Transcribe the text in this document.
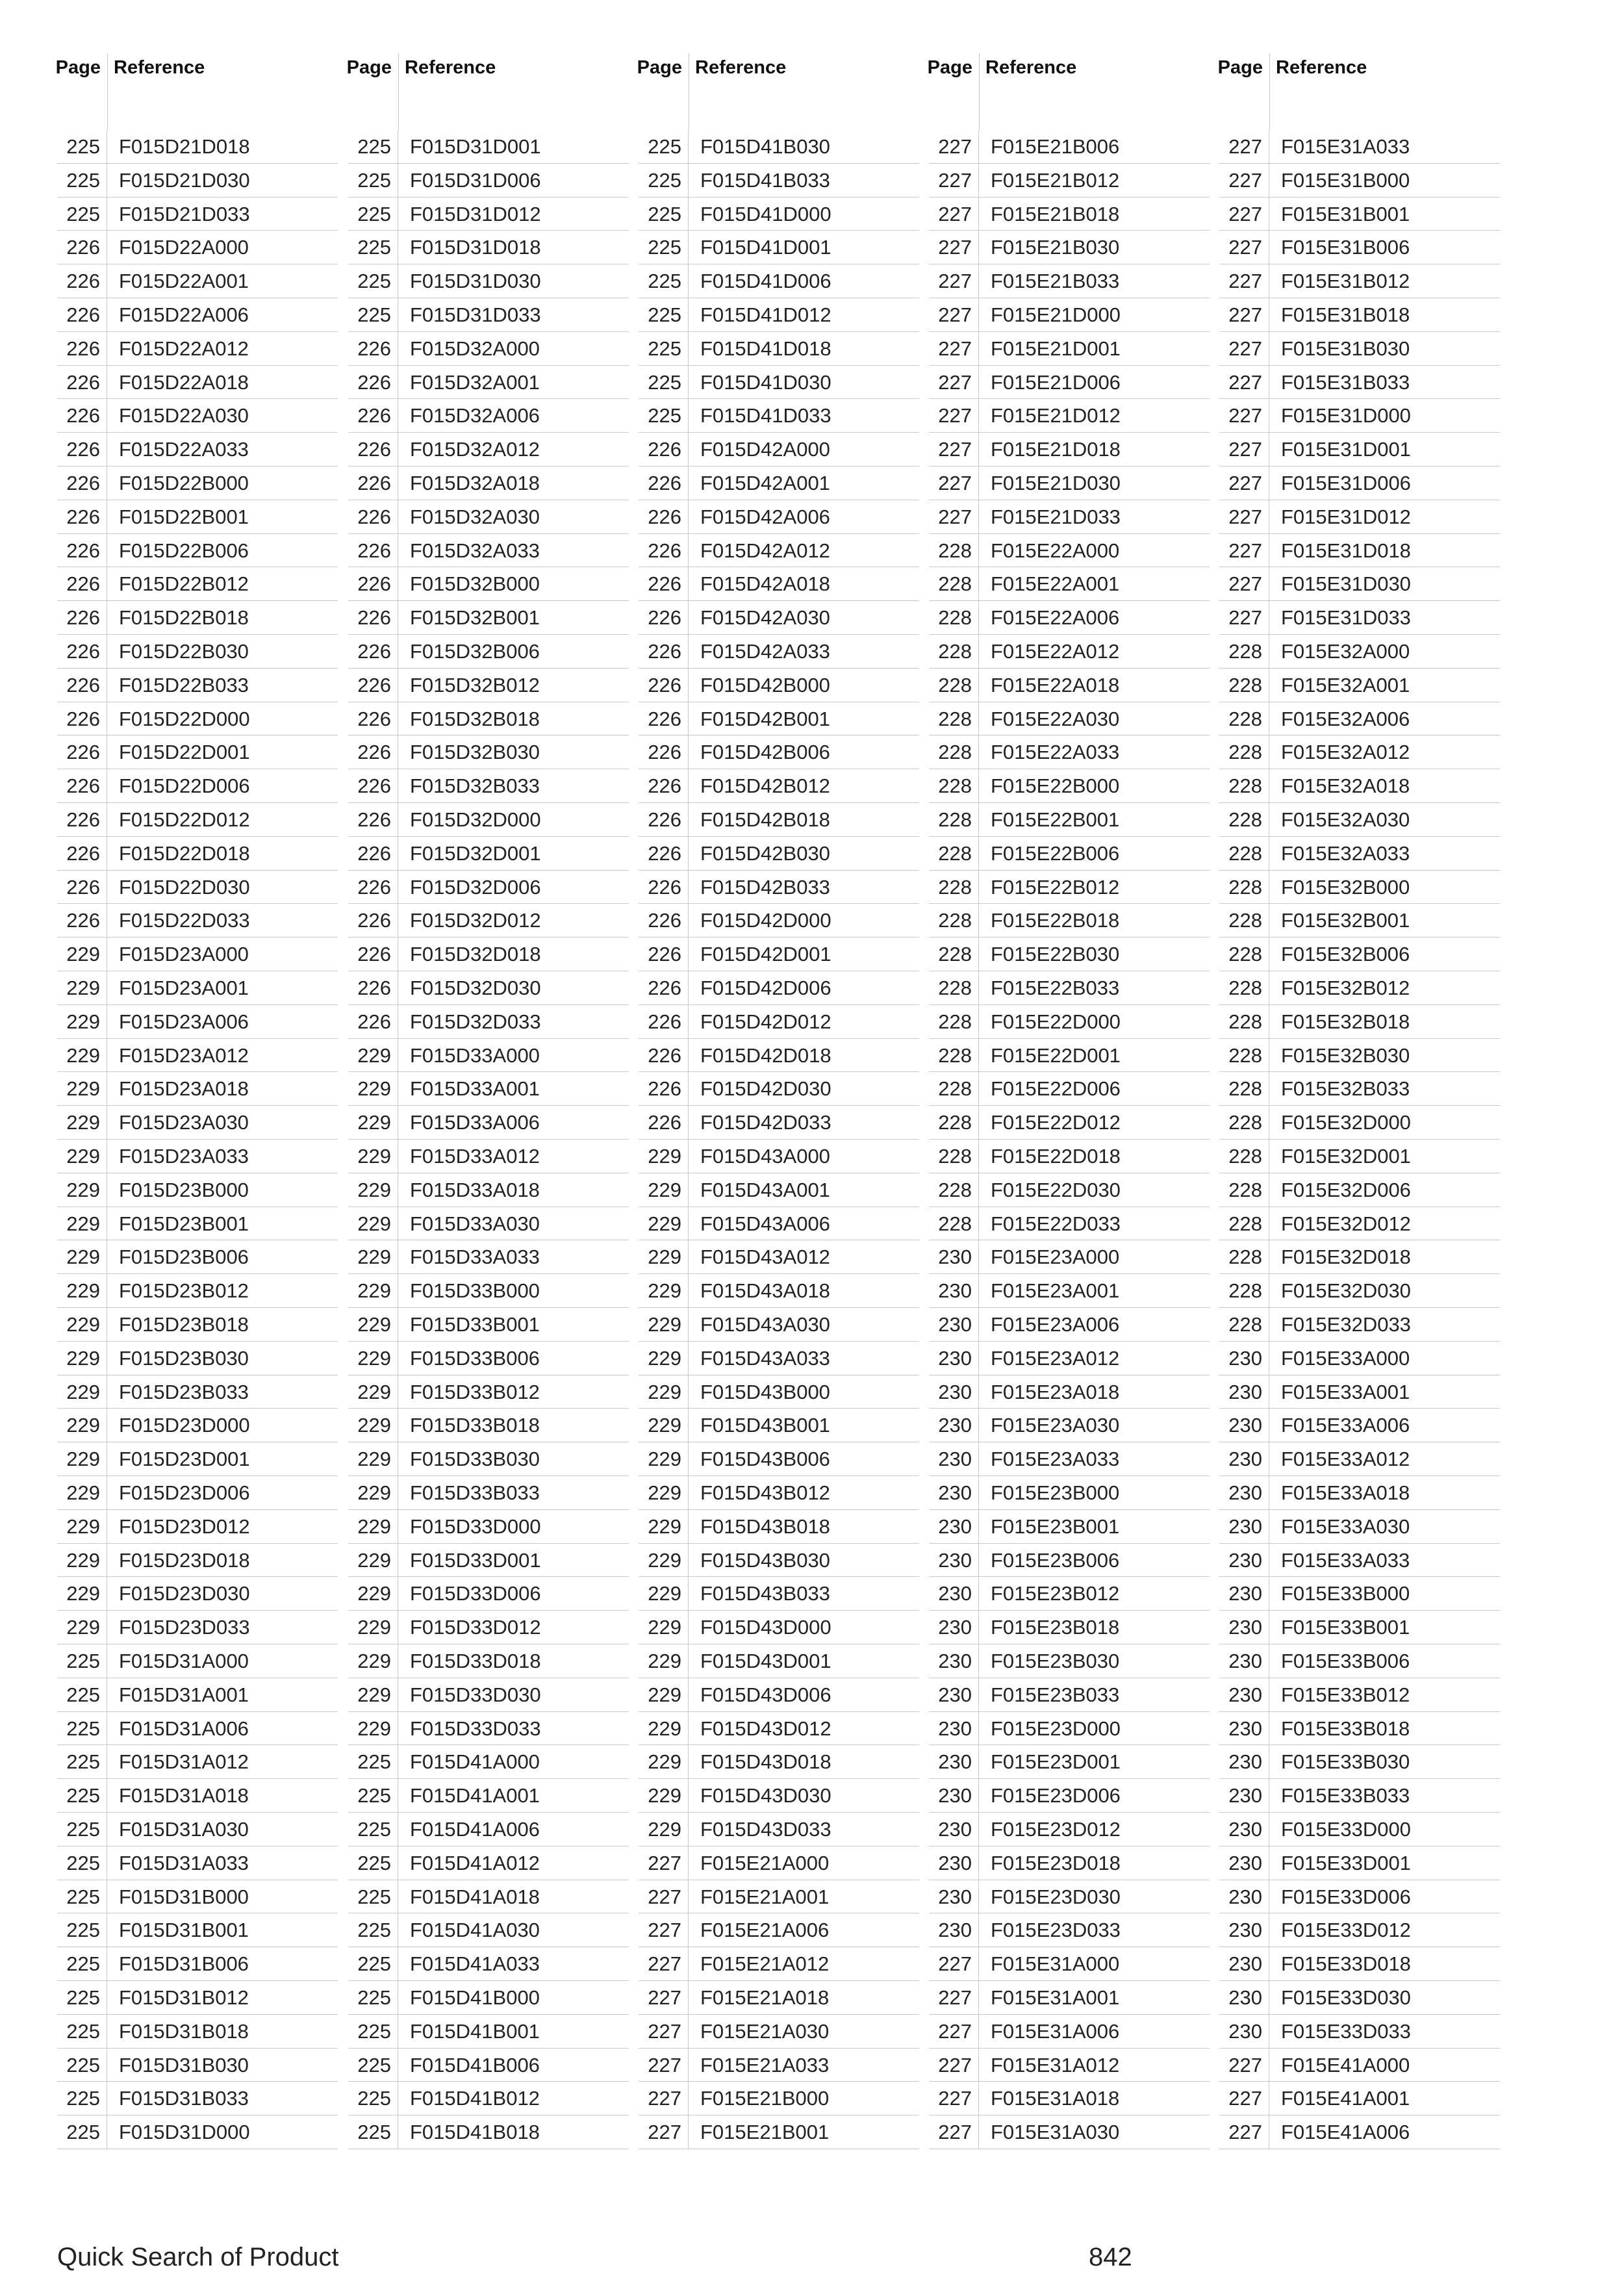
Page Reference
225 F015D21D018
225 F015D21D030
225 F015D21D033
226 F015D22A000
226 F015D22A001
226 F015D22A006
226 F015D22A012
226 F015D22A018
226 F015D22A030
226 F015D22A033
226 F015D22B000
226 F015D22B001
226 F015D22B006
226 F015D22B012
226 F015D22B018
226 F015D22B030
226 F015D22B033
226 F015D22D000
226 F015D22D001
226 F015D22D006
226 F015D22D012
226 F015D22D018
226 F015D22D030
226 F015D22D033
229 F015D23A000
229 F015D23A001
229 F015D23A006
229 F015D23A012
229 F015D23A018
229 F015D23A030
229 F015D23A033
229 F015D23B000
229 F015D23B001
229 F015D23B006
229 F015D23B012
229 F015D23B018
229 F015D23B030
229 F015D23B033
229 F015D23D000
229 F015D23D001
229 F015D23D006
229 F015D23D012
229 F015D23D018
229 F015D23D030
229 F015D23D033
225 F015D31A000
225 F015D31A001
225 F015D31A006
225 F015D31A012
225 F015D31A018
225 F015D31A030
225 F015D31A033
225 F015D31B000
225 F015D31B001
225 F015D31B006
225 F015D31B012
225 F015D31B018
225 F015D31B030
225 F015D31B033
225 F015D31D000
Page Reference
225 F015D31D001
225 F015D31D006
225 F015D31D012
225 F015D31D018
225 F015D31D030
225 F015D31D033
226 F015D32A000
226 F015D32A001
226 F015D32A006
226 F015D32A012
226 F015D32A018
226 F015D32A030
226 F015D32A033
226 F015D32B000
226 F015D32B001
226 F015D32B006
226 F015D32B012
226 F015D32B018
226 F015D32B030
226 F015D32B033
226 F015D32D000
226 F015D32D001
226 F015D32D006
226 F015D32D012
226 F015D32D018
226 F015D32D030
226 F015D32D033
229 F015D33A000
229 F015D33A001
229 F015D33A006
229 F015D33A012
229 F015D33A018
229 F015D33A030
229 F015D33A033
229 F015D33B000
229 F015D33B001
229 F015D33B006
229 F015D33B012
229 F015D33B018
229 F015D33B030
229 F015D33B033
229 F015D33D000
229 F015D33D001
229 F015D33D006
229 F015D33D012
229 F015D33D018
229 F015D33D030
229 F015D33D033
225 F015D41A000
225 F015D41A001
225 F015D41A006
225 F015D41A012
225 F015D41A018
225 F015D41A030
225 F015D41A033
225 F015D41B000
225 F015D41B001
225 F015D41B006
225 F015D41B012
225 F015D41B018
Page Reference
225 F015D41B030
225 F015D41B033
225 F015D41D000
225 F015D41D001
225 F015D41D006
225 F015D41D012
225 F015D41D018
225 F015D41D030
225 F015D41D033
226 F015D42A000
226 F015D42A001
226 F015D42A006
226 F015D42A012
226 F015D42A018
226 F015D42A030
226 F015D42A033
226 F015D42B000
226 F015D42B001
226 F015D42B006
226 F015D42B012
226 F015D42B018
226 F015D42B030
226 F015D42B033
226 F015D42D000
226 F015D42D001
226 F015D42D006
226 F015D42D012
226 F015D42D018
226 F015D42D030
226 F015D42D033
229 F015D43A000
229 F015D43A001
229 F015D43A006
229 F015D43A012
229 F015D43A018
229 F015D43A030
229 F015D43A033
229 F015D43B000
229 F015D43B001
229 F015D43B006
229 F015D43B012
229 F015D43B018
229 F015D43B030
229 F015D43B033
229 F015D43D000
229 F015D43D001
229 F015D43D006
229 F015D43D012
229 F015D43D018
229 F015D43D030
229 F015D43D033
227 F015E21A000
227 F015E21A001
227 F015E21A006
227 F015E21A012
227 F015E21A018
227 F015E21A030
227 F015E21A033
227 F015E21B000
227 F015E21B001
Page Reference
227 F015E21B006
227 F015E21B012
227 F015E21B018
227 F015E21B030
227 F015E21B033
227 F015E21D000
227 F015E21D001
227 F015E21D006
227 F015E21D012
227 F015E21D018
227 F015E21D030
227 F015E21D033
228 F015E22A000
228 F015E22A001
228 F015E22A006
228 F015E22A012
228 F015E22A018
228 F015E22A030
228 F015E22A033
228 F015E22B000
228 F015E22B001
228 F015E22B006
228 F015E22B012
228 F015E22B018
228 F015E22B030
228 F015E22B033
228 F015E22D000
228 F015E22D001
228 F015E22D006
228 F015E22D012
228 F015E22D018
228 F015E22D030
228 F015E22D033
230 F015E23A000
230 F015E23A001
230 F015E23A006
230 F015E23A012
230 F015E23A018
230 F015E23A030
230 F015E23A033
230 F015E23B000
230 F015E23B001
230 F015E23B006
230 F015E23B012
230 F015E23B018
230 F015E23B030
230 F015E23B033
230 F015E23D000
230 F015E23D001
230 F015E23D006
230 F015E23D012
230 F015E23D018
230 F015E23D030
230 F015E23D033
227 F015E31A000
227 F015E31A001
227 F015E31A006
227 F015E31A012
227 F015E31A018
227 F015E31A030
Page Reference
227 F015E31A033
227 F015E31B000
227 F015E31B001
227 F015E31B006
227 F015E31B012
227 F015E31B018
227 F015E31B030
227 F015E31B033
227 F015E31D000
227 F015E31D001
227 F015E31D006
227 F015E31D012
227 F015E31D018
227 F015E31D030
227 F015E31D033
228 F015E32A000
228 F015E32A001
228 F015E32A006
228 F015E32A012
228 F015E32A018
228 F015E32A030
228 F015E32A033
228 F015E32B000
228 F015E32B001
228 F015E32B006
228 F015E32B012
228 F015E32B018
228 F015E32B030
228 F015E32B033
228 F015E32D000
228 F015E32D001
228 F015E32D006
228 F015E32D012
228 F015E32D018
228 F015E32D030
228 F015E32D033
230 F015E33A000
230 F015E33A001
230 F015E33A006
230 F015E33A012
230 F015E33A018
230 F015E33A030
230 F015E33A033
230 F015E33B000
230 F015E33B001
230 F015E33B006
230 F015E33B012
230 F015E33B018
230 F015E33B030
230 F015E33B033
230 F015E33D000
230 F015E33D001
230 F015E33D006
230 F015E33D012
230 F015E33D018
230 F015E33D030
230 F015E33D033
227 F015E41A000
227 F015E41A001
227 F015E41A006
Quick Search of Product	842
